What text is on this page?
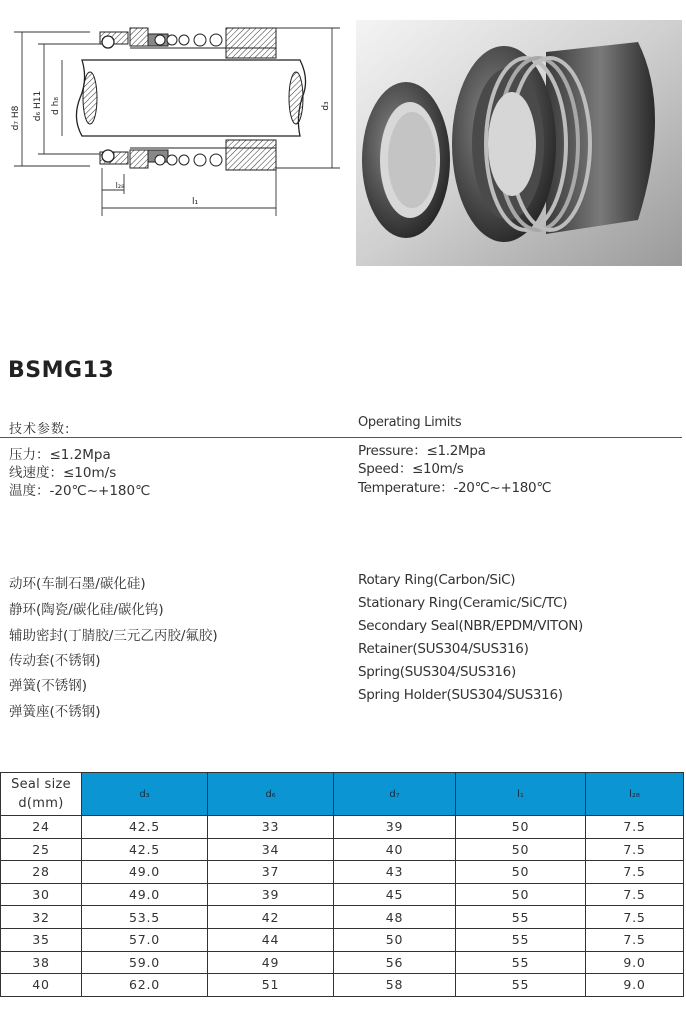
d₇ H8 d₆ H11 d h₈	d₃
l₁
l₂₈
BSMG13
技术参数:	Operating Limits
压力：≤1.2Mpa
线速度：≤10m/s
温度：-20℃~+180℃
Pressure：≤1.2Mpa
Speed：≤10m/s
Temperature：-20℃~+180℃
动环(车制石墨/碳化硅)
静环(陶瓷/碳化硅/碳化钨)
辅助密封(丁腈胶/三元乙丙胶/氟胶)
传动套(不锈钢)
弹簧(不锈钢)
弹簧座(不锈钢)
Rotary Ring(Carbon/SiC)
Stationary Ring(Ceramic/SiC/TC)
Secondary Seal(NBR/EPDM/VITON)
Retainer(SUS304/SUS316)
Spring(SUS304/SUS316)
Spring Holder(SUS304/SUS316)
Seal size
d(mm)	d₃	d₆	d₇	l₁	l₂₈
24	42.5	33	39	50	7.5
25	42.5	34	40	50	7.5
28	49.0	37	43	50	7.5
30	49.0	39	45	50	7.5
32	53.5	42	48	55	7.5
35	57.0	44	50	55	7.5
38	59.0	49	56	55	9.0
40	62.0	51	58	55	9.0
